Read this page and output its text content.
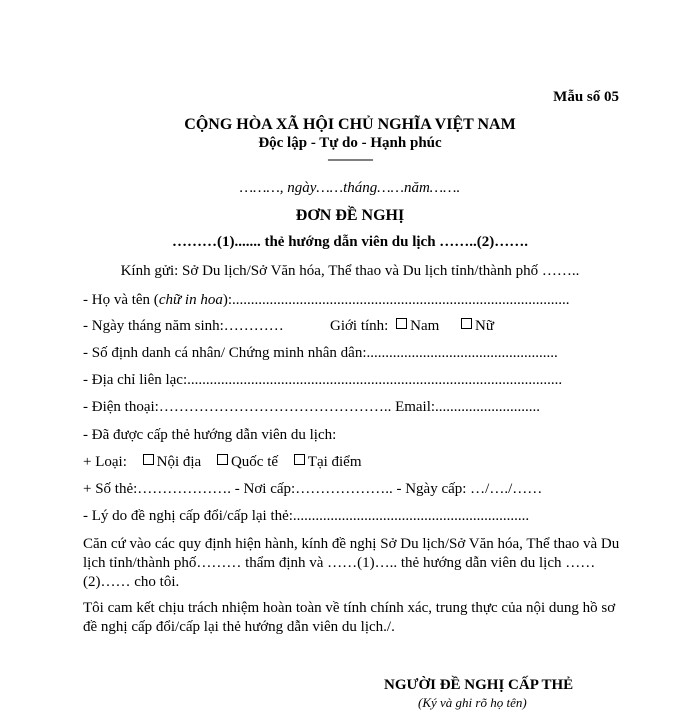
Mẫu số 05
CỘNG HÒA XÃ HỘI CHỦ NGHĨA VIỆT NAM
Độc lập - Tự do - Hạnh phúc
---------------
………, ngày……tháng……năm…….
ĐƠN ĐỀ NGHỊ
………(1)....... thẻ hướng dẫn viên du lịch ……..(2)…….
Kính gửi: Sở Du lịch/Sở Văn hóa, Thể thao và Du lịch tỉnh/thành phố ……..
- Họ và tên (chữ in hoa):..........................................................................................
- Ngày tháng năm sinh:…………	Giới tính: Nam Nữ
- Số định danh cá nhân/ Chứng minh nhân dân:...................................................
- Địa chỉ liên lạc:....................................................................................................
- Điện thoại:……………………………………….. Email:............................
- Đã được cấp thẻ hướng dẫn viên du lịch:
+ Loại: Nội địa Quốc tế Tại điểm
+ Số thẻ:………………. - Nơi cấp:……………….. - Ngày cấp: …/…./……
- Lý do đề nghị cấp đổi/cấp lại thẻ:...............................................................
Căn cứ vào các quy định hiện hành, kính đề nghị Sở Du lịch/Sở Văn hóa, Thể thao và Du lịch tỉnh/thành phố……… thẩm định và ……(1)….. thẻ hướng dẫn viên du lịch ……(2)…… cho tôi.
Tôi cam kết chịu trách nhiệm hoàn toàn về tính chính xác, trung thực của nội dung hồ sơ đề nghị cấp đổi/cấp lại thẻ hướng dẫn viên du lịch./.
NGƯỜI ĐỀ NGHỊ CẤP THẺ
(Ký và ghi rõ họ tên)
